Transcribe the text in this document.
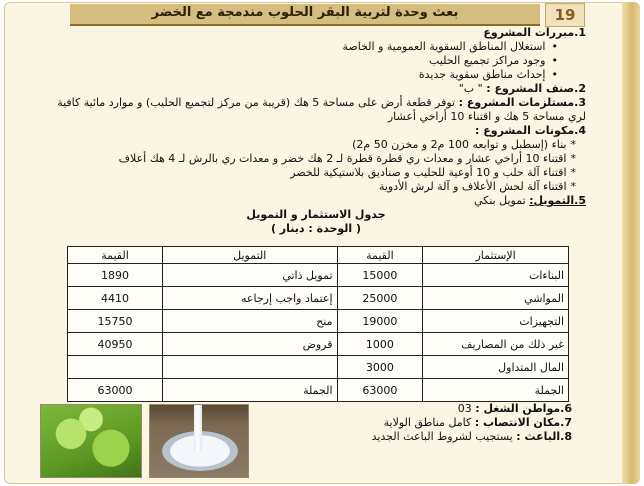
بعث وحدة لتربية البقر الحلوب مندمجة مع الخضر	19

1.مبررات المشروع

• استغلال المناطق السقوية العمومية و الخاصة

• وجود مراكز تجميع الحليب

• إحداث مناطق سقوية جديدة

2.صنف المشروع : " ب"

3.مستلزمات المشروع : توفر قطعة أرض على مساحة 5 هك (قريبة من مركز لتجميع الحليب) و موارد مائية كافية لري مساحة 5 هك و اقتناء 10 أراخي أعشار

4.مكونات المشروع :

* بناء (إسطبل و توابعه 100 م2 و مخزن 50 م2)

* اقتناء 10 أراخي عشار و معدات ري قطرة قطرة لـ 2 هك خضر و معدات ري بالرش لـ 4 هك أعلاف

* اقتناء آلة حلب و 10 أوعية للحليب و صناديق بلاستيكية للخضر

* اقتناء آلة لحش الأعلاف و آلة لرش الأدوية

5.التمويل: تمويل بنكي

جدول الاستثمار و التمويل

( الوحدة : دينار )

الإستثمار	القيمة	التمويل	القيمة
البناءات	15000	تمويل ذاتي	1890
المواشي	25000	إعتماد واجب إرجاعه	4410
التجهيزات	19000	منح	15750
غير ذلك من المصاريف	1000	قروض	40950
المال المتداول	3000		
الجملة	63000	الجملة	63000

6.مواطن الشغل : 03

7.مكان الانتصاب : كامل مناطق الولاية

8.الباعث : يستجيب لشروط الباعث الجديد
